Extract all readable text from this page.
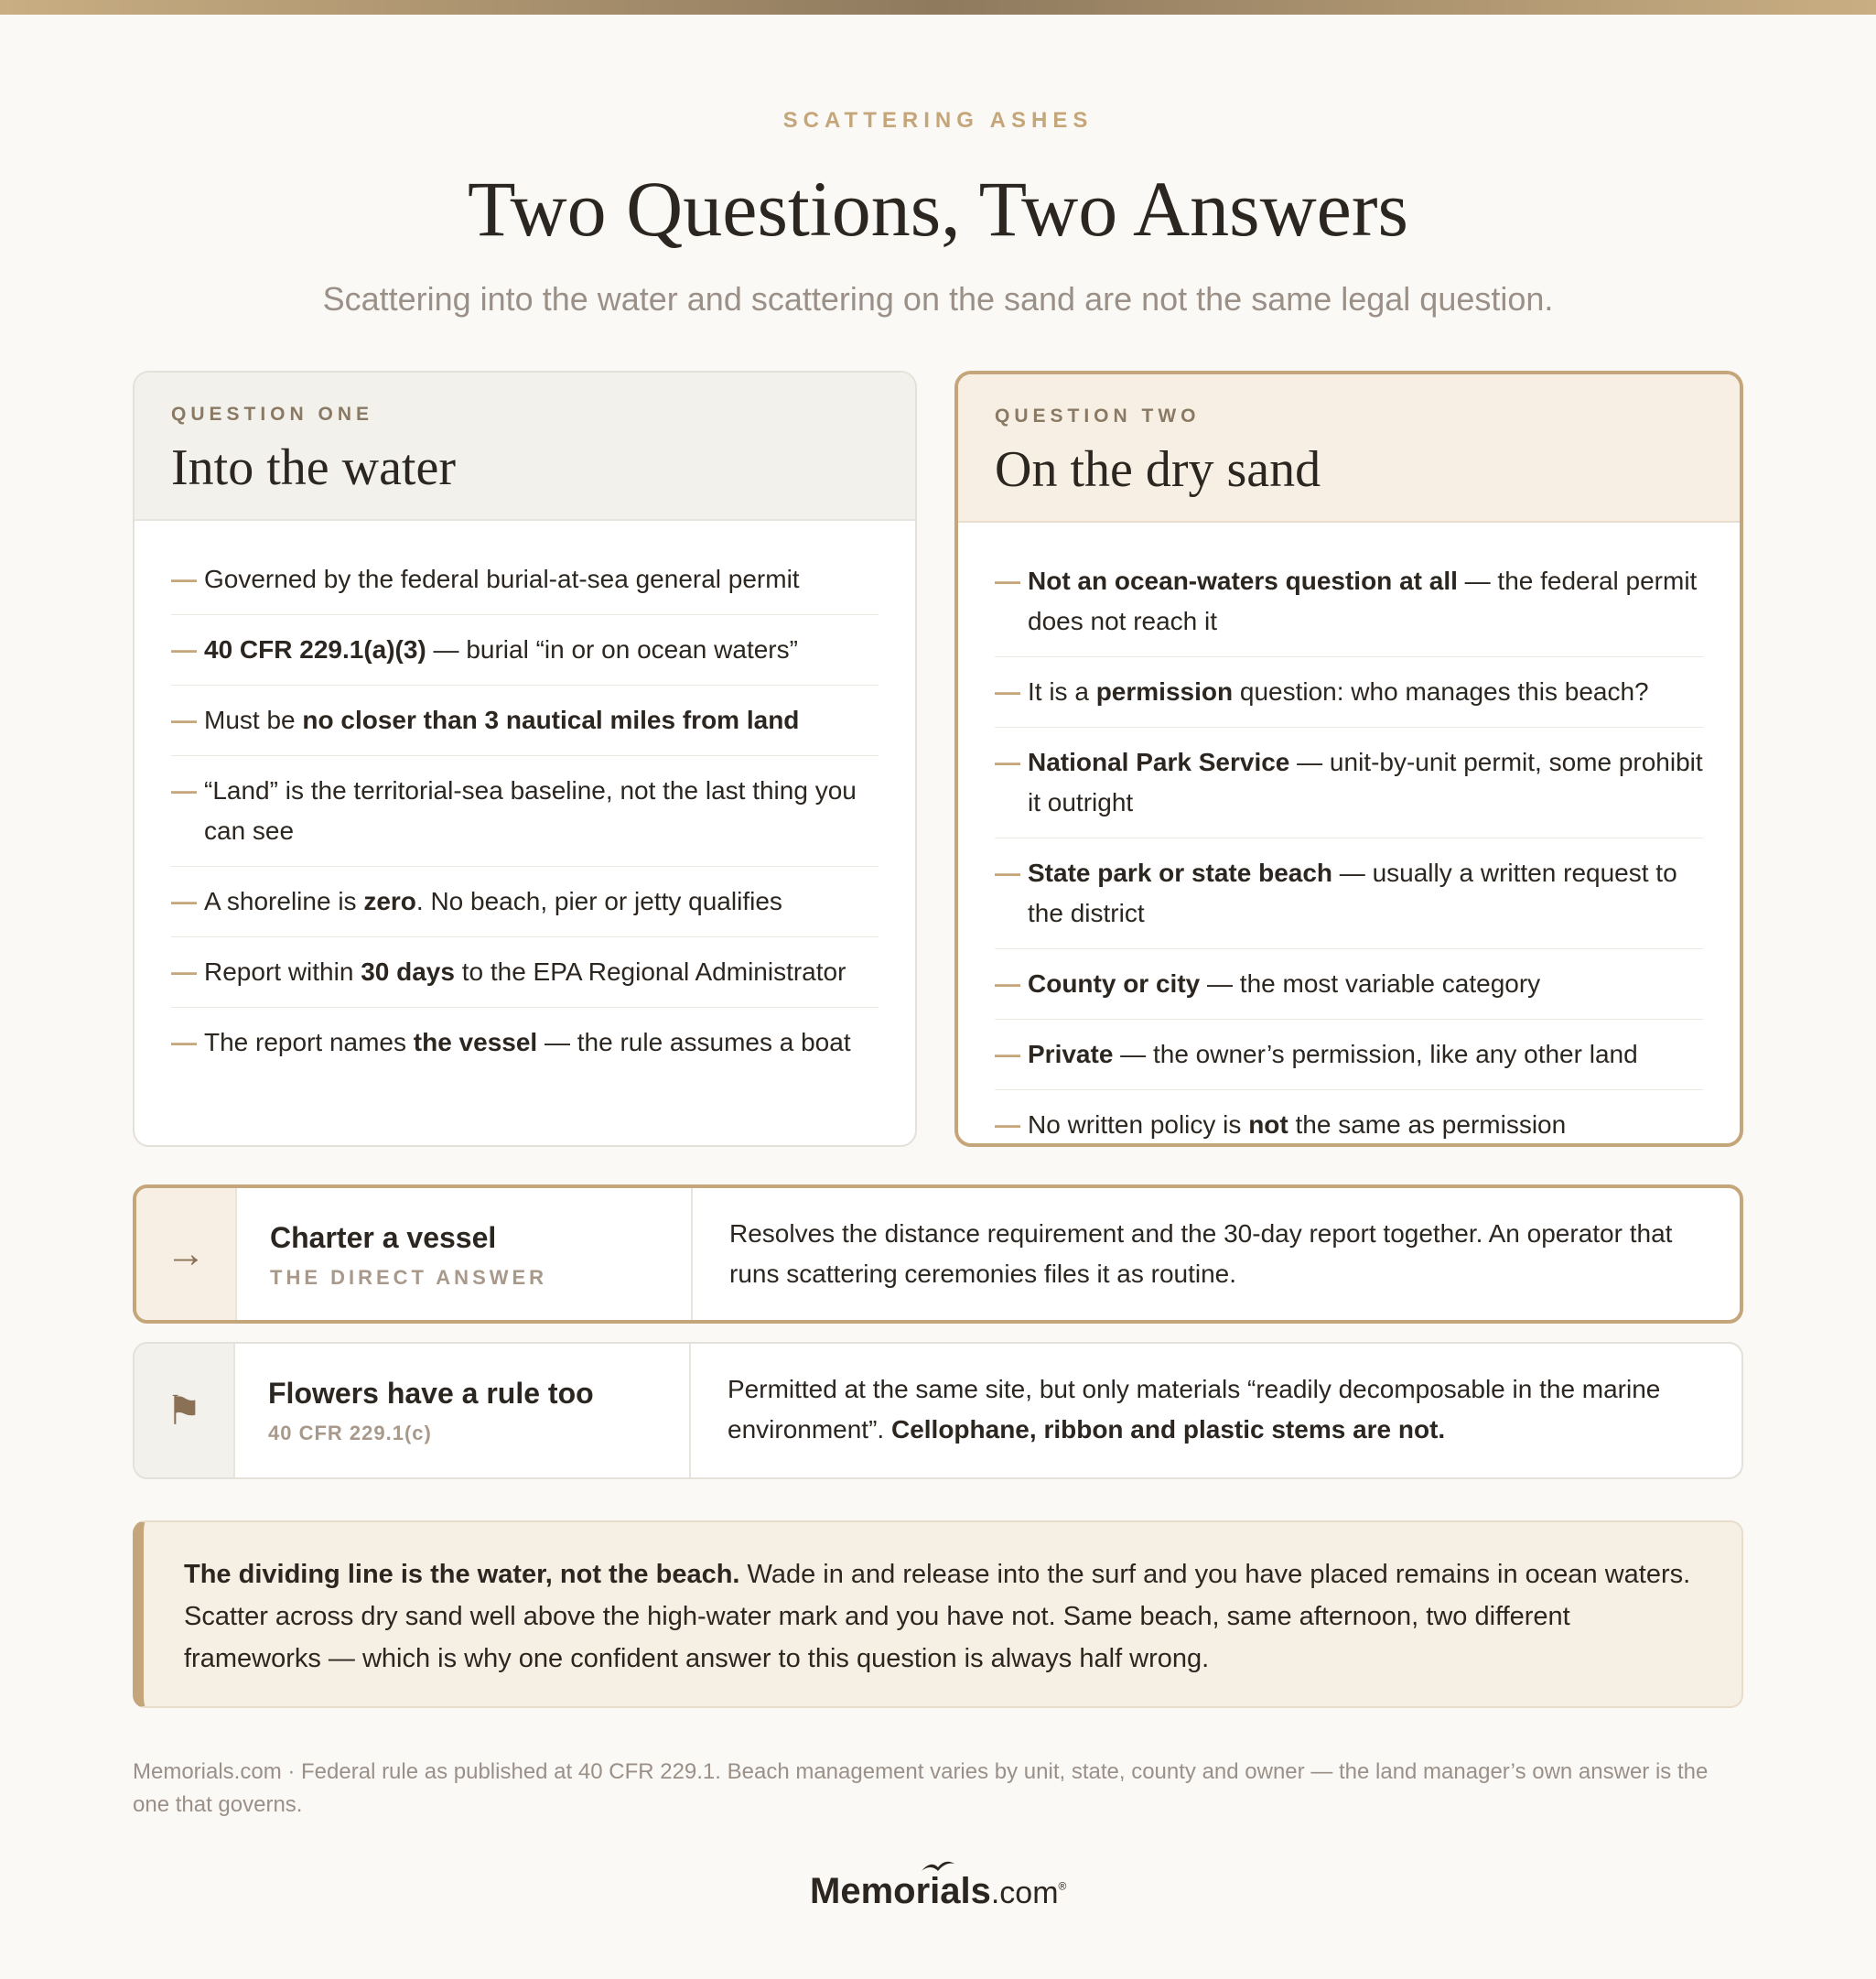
SCATTERING ASHES
Two Questions, Two Answers
Scattering into the water and scattering on the sand are not the same legal question.
QUESTION ONE
Into the water
— Governed by the federal burial-at-sea general permit
— 40 CFR 229.1(a)(3) — burial “in or on ocean waters”
— Must be no closer than 3 nautical miles from land
— “Land” is the territorial-sea baseline, not the last thing you can see
— A shoreline is zero. No beach, pier or jetty qualifies
— Report within 30 days to the EPA Regional Administrator
— The report names the vessel — the rule assumes a boat
QUESTION TWO
On the dry sand
— Not an ocean-waters question at all — the federal permit does not reach it
— It is a permission question: who manages this beach?
— National Park Service — unit-by-unit permit, some prohibit it outright
— State park or state beach — usually a written request to the district
— County or city — the most variable category
— Private — the owner’s permission, like any other land
— No written policy is not the same as permission
→	Charter a vessel
THE DIRECT ANSWER
Resolves the distance requirement and the 30-day report together. An operator that runs scattering ceremonies files it as routine.
⚑	Flowers have a rule too
40 CFR 229.1(c)
Permitted at the same site, but only materials “readily decomposable in the marine environment”. Cellophane, ribbon and plastic stems are not.
The dividing line is the water, not the beach. Wade in and release into the surf and you have placed remains in ocean waters. Scatter across dry sand well above the high-water mark and you have not. Same beach, same afternoon, two different frameworks — which is why one confident answer to this question is always half wrong.
Memorials.com · Federal rule as published at 40 CFR 229.1. Beach management varies by unit, state, county and owner — the land manager’s own answer is the one that governs.
Memorials.com®
